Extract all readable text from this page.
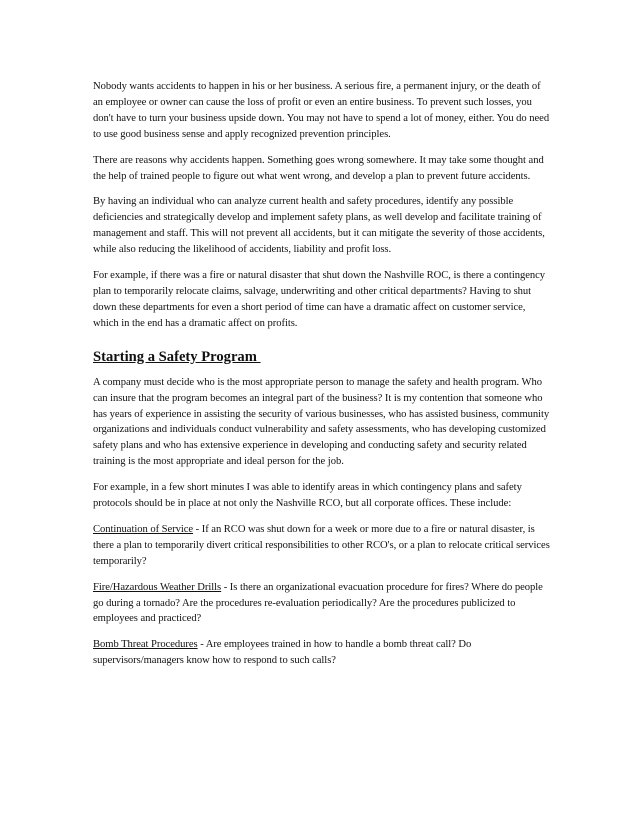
Nobody wants accidents to happen in his or her business. A serious fire, a permanent injury, or the death of an employee or owner can cause the loss of profit or even an entire business. To prevent such losses, you don't have to turn your business upside down. You may not have to spend a lot of money, either. You do need to use good business sense and apply recognized prevention principles.

There are reasons why accidents happen. Something goes wrong somewhere. It may take some thought and the help of trained people to figure out what went wrong, and develop a plan to prevent future accidents.

By having an individual who can analyze current health and safety procedures, identify any possible deficiencies and strategically develop and implement safety plans, as well develop and facilitate training of management and staff. This will not prevent all accidents, but it can mitigate the severity of those accidents, while also reducing the likelihood of accidents, liability and profit loss.

For example, if there was a fire or natural disaster that shut down the Nashville ROC, is there a contingency plan to temporarily relocate claims, salvage, underwriting and other critical departments? Having to shut down these departments for even a short period of time can have a dramatic affect on customer service, which in the end has a dramatic affect on profits.

Starting a Safety Program

A company must decide who is the most appropriate person to manage the safety and health program. Who can insure that the program becomes an integral part of the business? It is my contention that someone who has years of experience in assisting the security of various businesses, who has assisted business, community organizations and individuals conduct vulnerability and safety assessments, who has developing customized safety plans and who has extensive experience in developing and conducting safety and security related training is the most appropriate and ideal person for the job.

For example, in a few short minutes I was able to identify areas in which contingency plans and safety protocols should be in place at not only the Nashville RCO, but all corporate offices. These include:

Continuation of Service - If an RCO was shut down for a week or more due to a fire or natural disaster, is there a plan to temporarily divert critical responsibilities to other RCO's, or a plan to relocate critical services temporarily?

Fire/Hazardous Weather Drills - Is there an organizational evacuation procedure for fires? Where do people go during a tornado? Are the procedures re-evaluation periodically? Are the procedures publicized to employees and practiced?

Bomb Threat Procedures - Are employees trained in how to handle a bomb threat call? Do supervisors/managers know how to respond to such calls?
